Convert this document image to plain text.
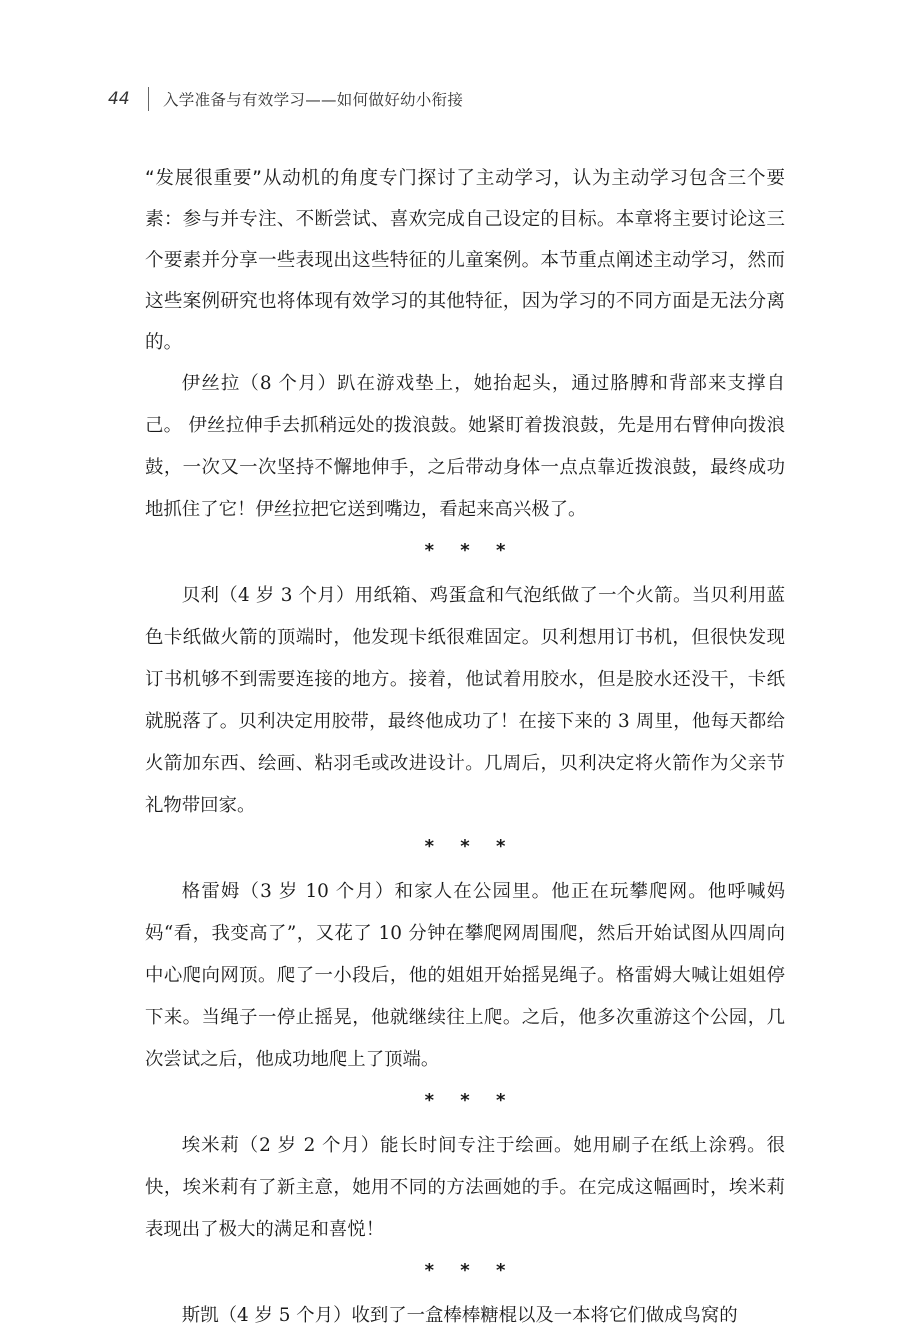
44	入学准备与有效学习——如何做好幼小衔接

“发展很重要”从动机的角度专门探讨了主动学习，认为主动学习包含三个要素：参与并专注、不断尝试、喜欢完成自己设定的目标。本章将主要讨论这三个要素并分享一些表现出这些特征的儿童案例。本节重点阐述主动学习，然而这些案例研究也将体现有效学习的其他特征，因为学习的不同方面是无法分离的。

伊丝拉（8 个月）趴在游戏垫上，她抬起头，通过胳膊和背部来支撑自己。 伊丝拉伸手去抓稍远处的拨浪鼓。她紧盯着拨浪鼓，先是用右臂伸向拨浪鼓，一次又一次坚持不懈地伸手，之后带动身体一点点靠近拨浪鼓，最终成功地抓住了它！伊丝拉把它送到嘴边，看起来高兴极了。

* * *

贝利（4 岁 3 个月）用纸箱、鸡蛋盒和气泡纸做了一个火箭。当贝利用蓝色卡纸做火箭的顶端时，他发现卡纸很难固定。贝利想用订书机，但很快发现订书机够不到需要连接的地方。接着，他试着用胶水，但是胶水还没干，卡纸就脱落了。贝利决定用胶带，最终他成功了！在接下来的 3 周里，他每天都给火箭加东西、绘画、粘羽毛或改进设计。几周后，贝利决定将火箭作为父亲节礼物带回家。

* * *

格雷姆（3 岁 10 个月）和家人在公园里。他正在玩攀爬网。他呼喊妈妈“看，我变高了”，又花了 10 分钟在攀爬网周围爬，然后开始试图从四周向中心爬向网顶。爬了一小段后，他的姐姐开始摇晃绳子。格雷姆大喊让姐姐停下来。当绳子一停止摇晃，他就继续往上爬。之后，他多次重游这个公园，几次尝试之后，他成功地爬上了顶端。

* * *

埃米莉（2 岁 2 个月）能长时间专注于绘画。她用刷子在纸上涂鸦。很快，埃米莉有了新主意，她用不同的方法画她的手。在完成这幅画时，埃米莉表现出了极大的满足和喜悦！

* * *

斯凯（4 岁 5 个月）收到了一盒棒棒糖棍以及一本将它们做成鸟窝的
